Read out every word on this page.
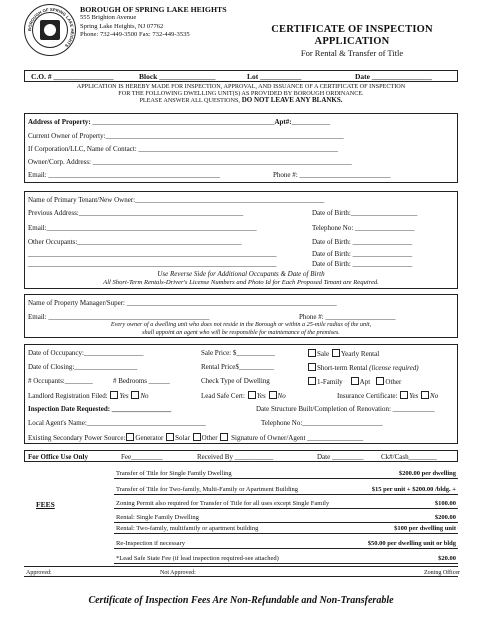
BOROUGH OF SPRING LAKE HEIGHTS
BOROUGH OF SPRING LAKE HEIGHTS
555 Brighton Avenue
Spring Lake Heights, NJ 07762
Phone: 732-449-3500 Fax: 732-449-3535	CERTIFICATE OF INSPECTION
APPLICATION
For Rental & Transfer of Title
C.O. # ________________	Block _______________	Lot ___________	Date ________________
APPLICATION IS HEREBY MADE FOR INSPECTION, APPROVAL, AND ISSUANCE OF A CERTIFICATE OF INSPECTION
FOR THE FOLLOWING DWELLING UNIT(S) AS PROVIDED BY BOROUGH ORDINANCE.
PLEASE ANSWER ALL QUESTIONS, DO NOT LEAVE ANY BLANKS.
Address of Property: ____________________________________________________Apt#:___________
Current Owner of Property:____________________________________________________________________
If Corporation/LLC, Name of Contact: _________________________________________________________
Owner/Corp. Address: __________________________________________________________________________
Email: _________________________________________________	Phone #: __________________________
Name of Primary Tenant/New Owner:______________________________________________________
Previous Address:_______________________________________________	Date of Birth:___________________
Email:____________________________________________________________	Telephone No: _________________
Other Occupants:_______________________________________________	Date of Birth: _________________
_______________________________________________________________________	Date of Birth: _________________
_______________________________________________________________________	Date of Birth: _________________
Use Reverse Side for Additional Occupants & Date of Birth
All Short-Term Rentals-Driver's License Numbers and Photo Id for Each Proposed Tenant are Required.
Name of Property Manager/Super: ____________________________________________________________
Email: ______________________________________________	Phone #: ____________________
Every owner of a dwelling unit who does not reside in the Borough or within a 25-mile radius of the unit,
shall appoint an agent who will be responsible for maintenance of the premises.
Date of Occupancy:_________________	Sale Price: $___________	Sale Yearly Rental
Date of Closing:__________________	Rental Price$__________	Short-term Rental (license required)
# Occupants:________	# Bedrooms ______	Check Type of Dwelling	1-Family Apt Other
Landlord Registration Filed: Yes No	Lead Safe Cert: Yes No	Insurance Certificate: Yes No
Inspection Date Requested: _________________	Date Structure Built/Completion of Renovation: ____________
Local Agent's Name:__________________________________	Telephone No:_______________________
Existing Secondary Power Source: Generator Solar Other Signature of Owner/Agent ________________
For Office Use Only	Fee_________	Received By ___________	Date _________	Ck#/Cash________
FEES
Transfer of Title for Single Family Dwelling	$200.00 per dwelling
Transfer of Title for Two-family, Multi-Family or Apartment Building	$15 per unit + $200.00 /bldg. +
Zoning Permit also required for Transfer of Title for all uses except Single Family	$100.00
Rental: Single Family Dwelling	$200.00
Rental: Two-family, multifamily or apartment building	$100 per dwelling unit
Re-Inspection if necessary	$50.00 per dwelling unit or bldg
*Lead Safe State Fee (if lead inspection required-see attached)	$20.00
Approved:	Not Approved:	Zoning Officer
Certificate of Inspection Fees Are Non-Refundable and Non-Transferable
